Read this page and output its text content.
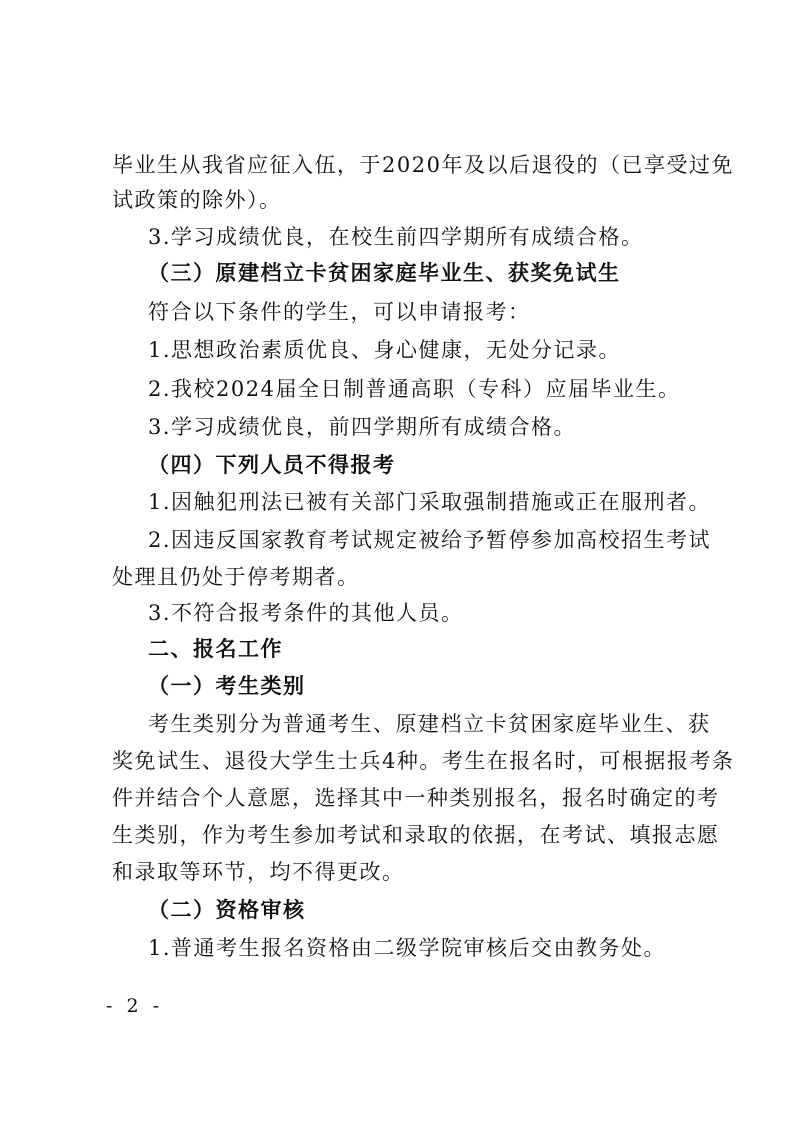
毕业生从我省应征入伍，于2020年及以后退役的（已享受过免
试政策的除外）。
3.学习成绩优良，在校生前四学期所有成绩合格。
（三）原建档立卡贫困家庭毕业生、获奖免试生
符合以下条件的学生，可以申请报考：
1.思想政治素质优良、身心健康，无处分记录。
2.我校2024届全日制普通高职（专科）应届毕业生。
3.学习成绩优良，前四学期所有成绩合格。
（四）下列人员不得报考
1.因触犯刑法已被有关部门采取强制措施或正在服刑者。
2.因违反国家教育考试规定被给予暂停参加高校招生考试
处理且仍处于停考期者。
3.不符合报考条件的其他人员。
二、报名工作
（一）考生类别
考生类别分为普通考生、原建档立卡贫困家庭毕业生、获
奖免试生、退役大学生士兵4种。考生在报名时，可根据报考条
件并结合个人意愿，选择其中一种类别报名，报名时确定的考
生类别，作为考生参加考试和录取的依据，在考试、填报志愿
和录取等环节，均不得更改。
（二）资格审核
1.普通考生报名资格由二级学院审核后交由教务处。
- 2 -
